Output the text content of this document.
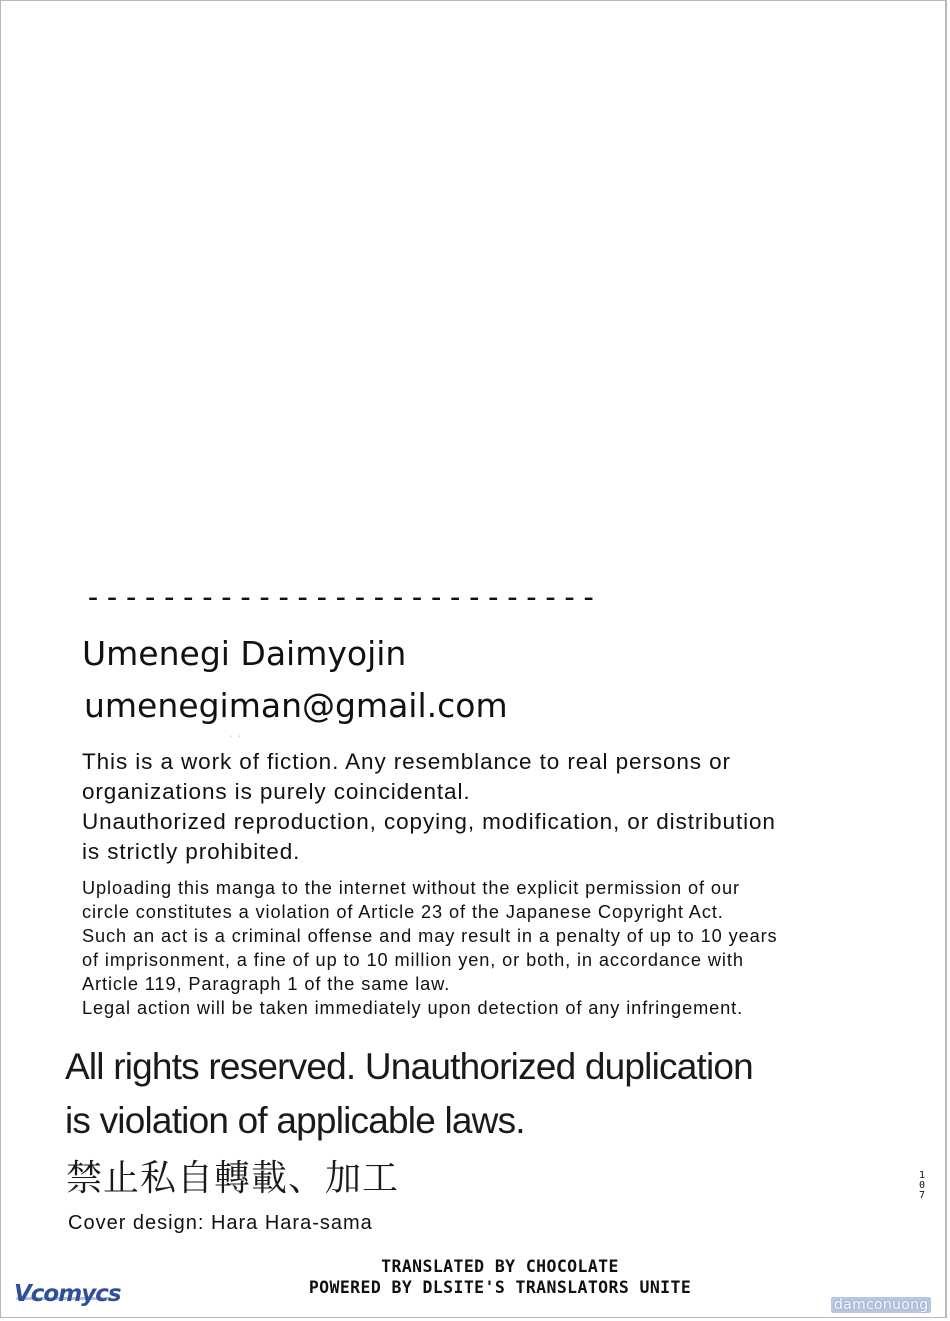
---------------------------
Umenegi Daimyojin
umenegiman@gmail.com
·   ·
This is a work of fiction. Any resemblance to real persons or
organizations is purely coincidental.
Unauthorized reproduction, copying, modification, or distribution
is strictly prohibited.
Uploading this manga to the internet without the explicit permission of our
circle constitutes a violation of Article 23 of the Japanese Copyright Act.
Such an act is a criminal offense and may result in a penalty of up to 10 years
of imprisonment, a fine of up to 10 million yen, or both, in accordance with
Article 119, Paragraph 1 of the same law.
Legal action will be taken immediately upon detection of any infringement.
All rights reserved. Unauthorized duplication
is violation of applicable laws.
禁止私自轉載、加工
Cover design: Hara Hara-sama
107
TRANSLATED BY CHOCOLATE
POWERED BY DLSITE'S TRANSLATORS UNITE
Vcomycs	damconuong
